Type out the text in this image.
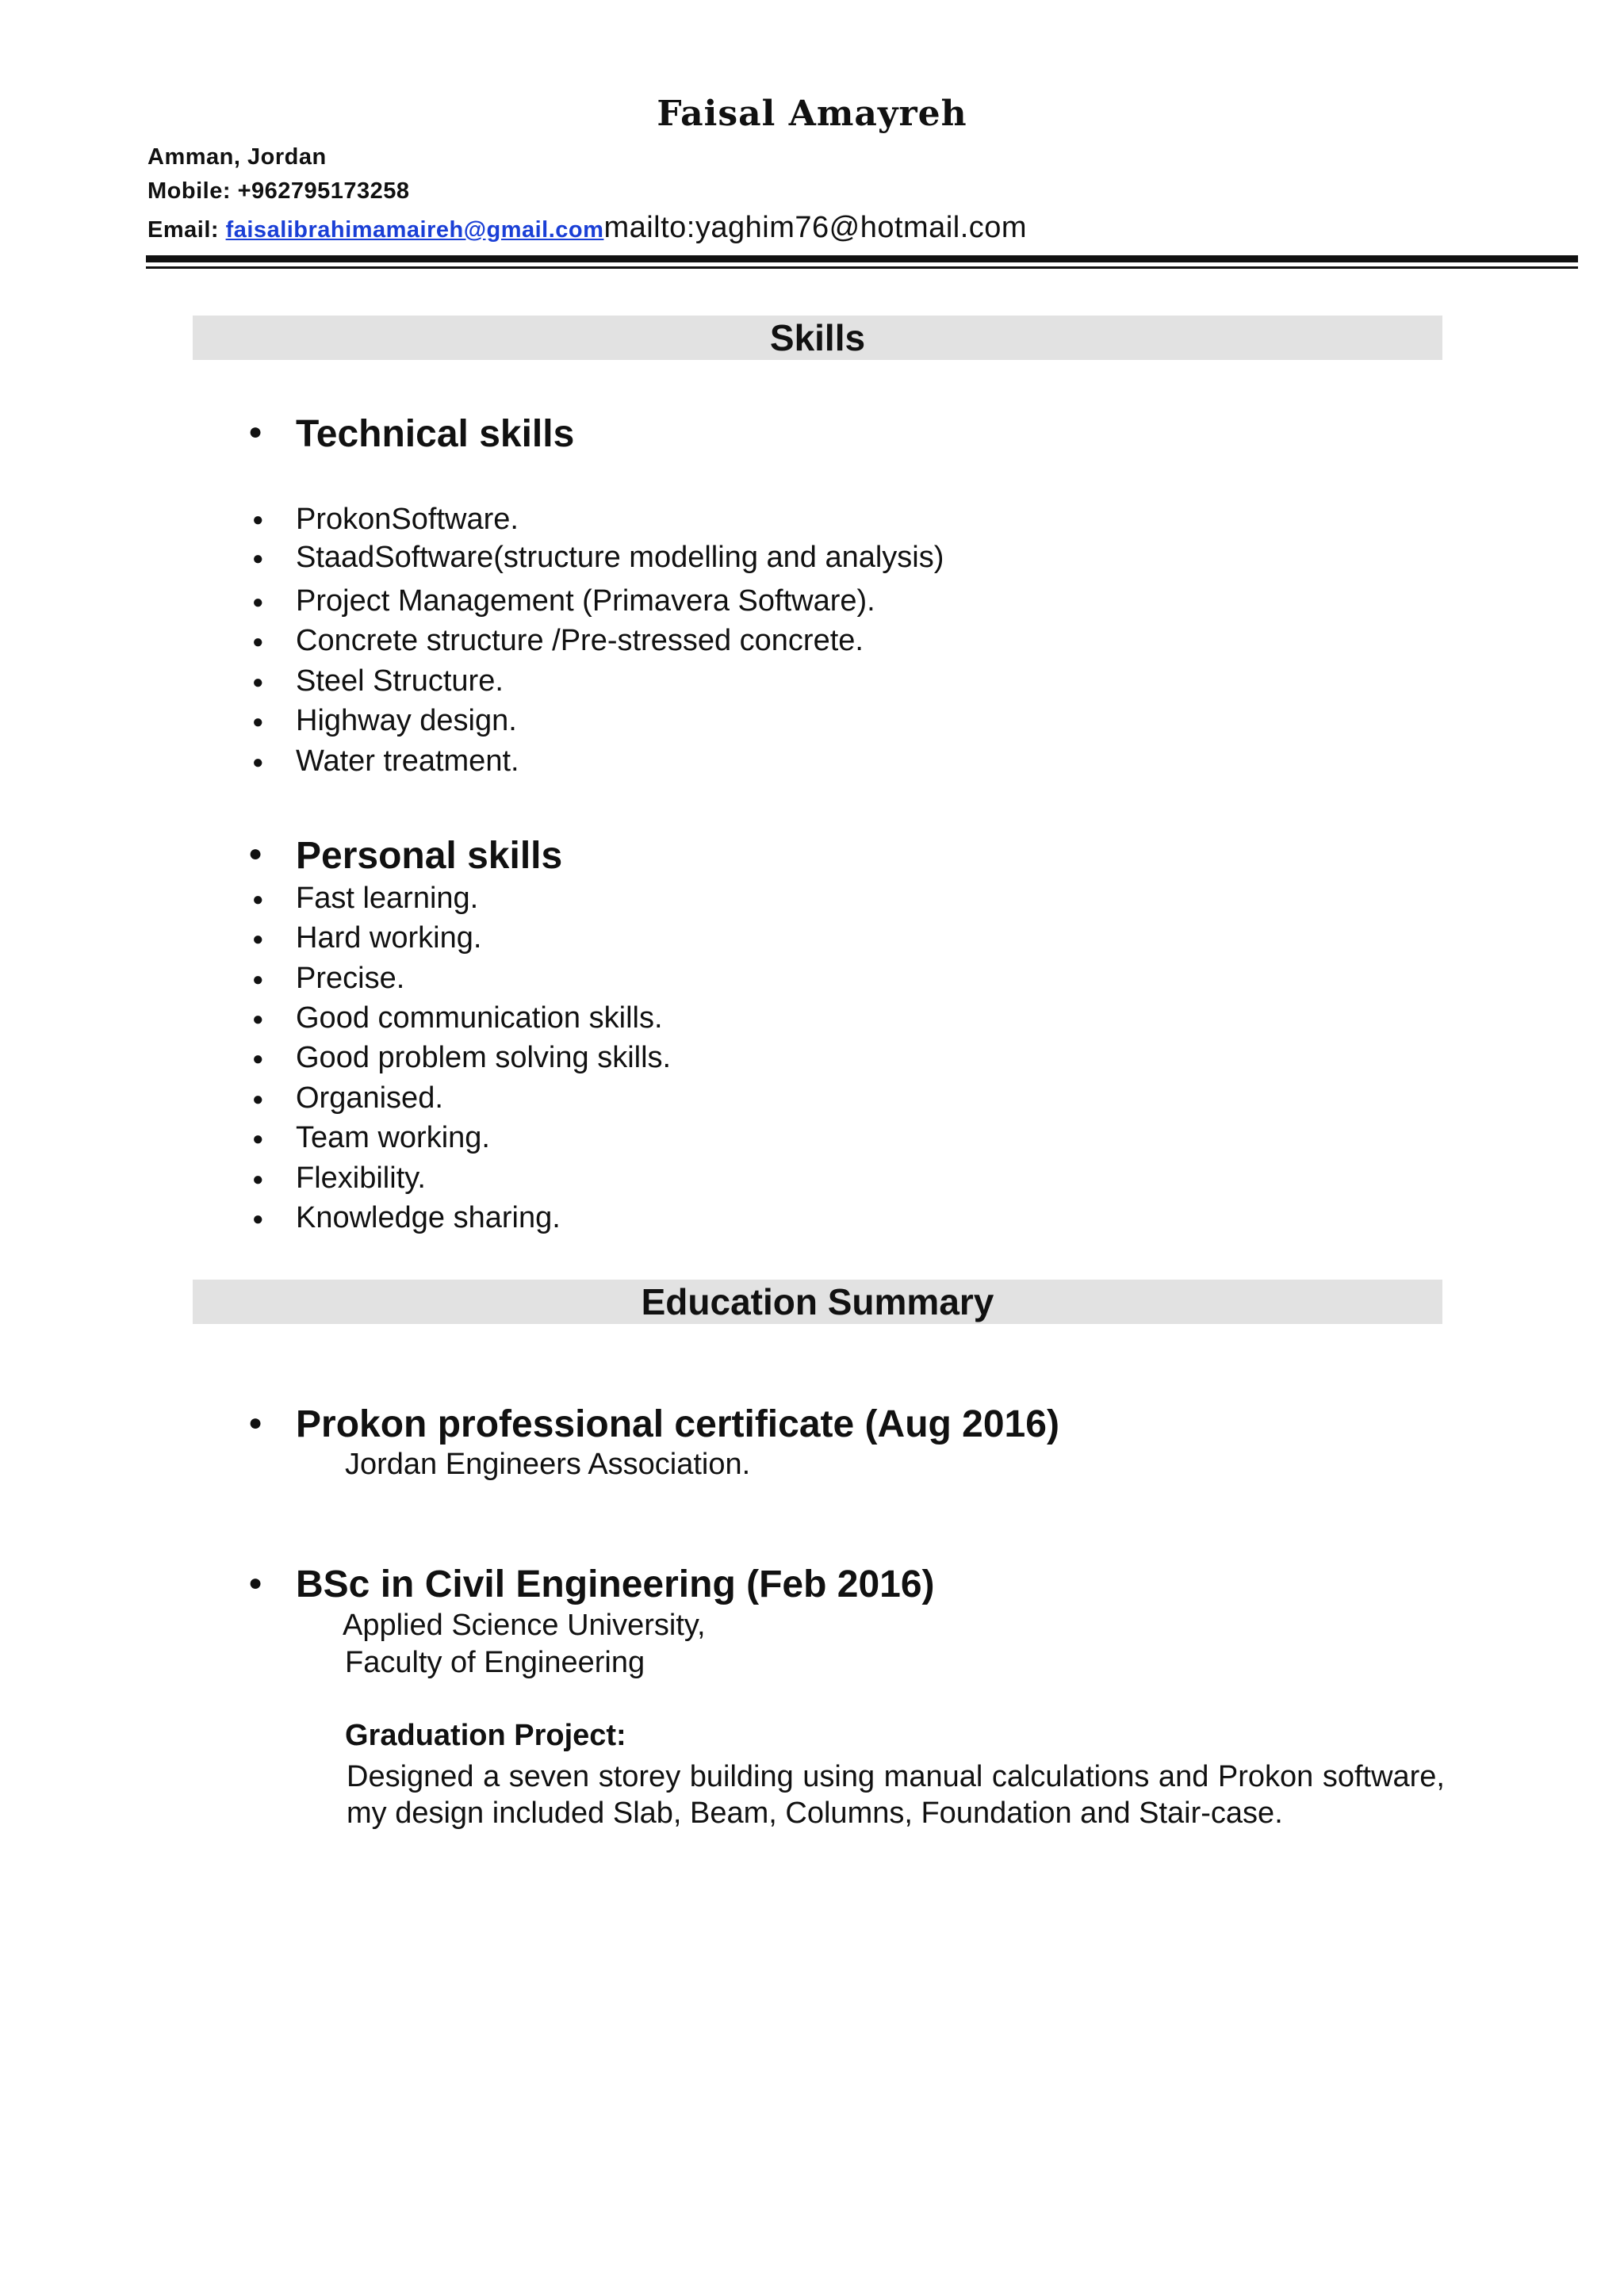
Faisal Amayreh
Amman, Jordan
Mobile: +962795173258
Email: faisalibrahimamaireh@gmail.commailto:yaghim76@hotmail.com
Skills
● Technical skills
● ProkonSoftware.
● StaadSoftware(structure modelling and analysis)
● Project Management (Primavera Software).
● Concrete structure /Pre-stressed concrete.
● Steel Structure.
● Highway design.
● Water treatment.
● Personal skills
● Fast learning.
● Hard working.
● Precise.
● Good communication skills.
● Good problem solving skills.
● Organised.
● Team working.
● Flexibility.
● Knowledge sharing.
Education Summary
● Prokon professional certificate (Aug 2016)
Jordan Engineers Association.
● BSc in Civil Engineering (Feb 2016)
Applied Science University,
Faculty of Engineering
Graduation Project:
Designed a seven storey building using manual calculations and Prokon software, my design included Slab, Beam, Columns, Foundation and Stair-case.
